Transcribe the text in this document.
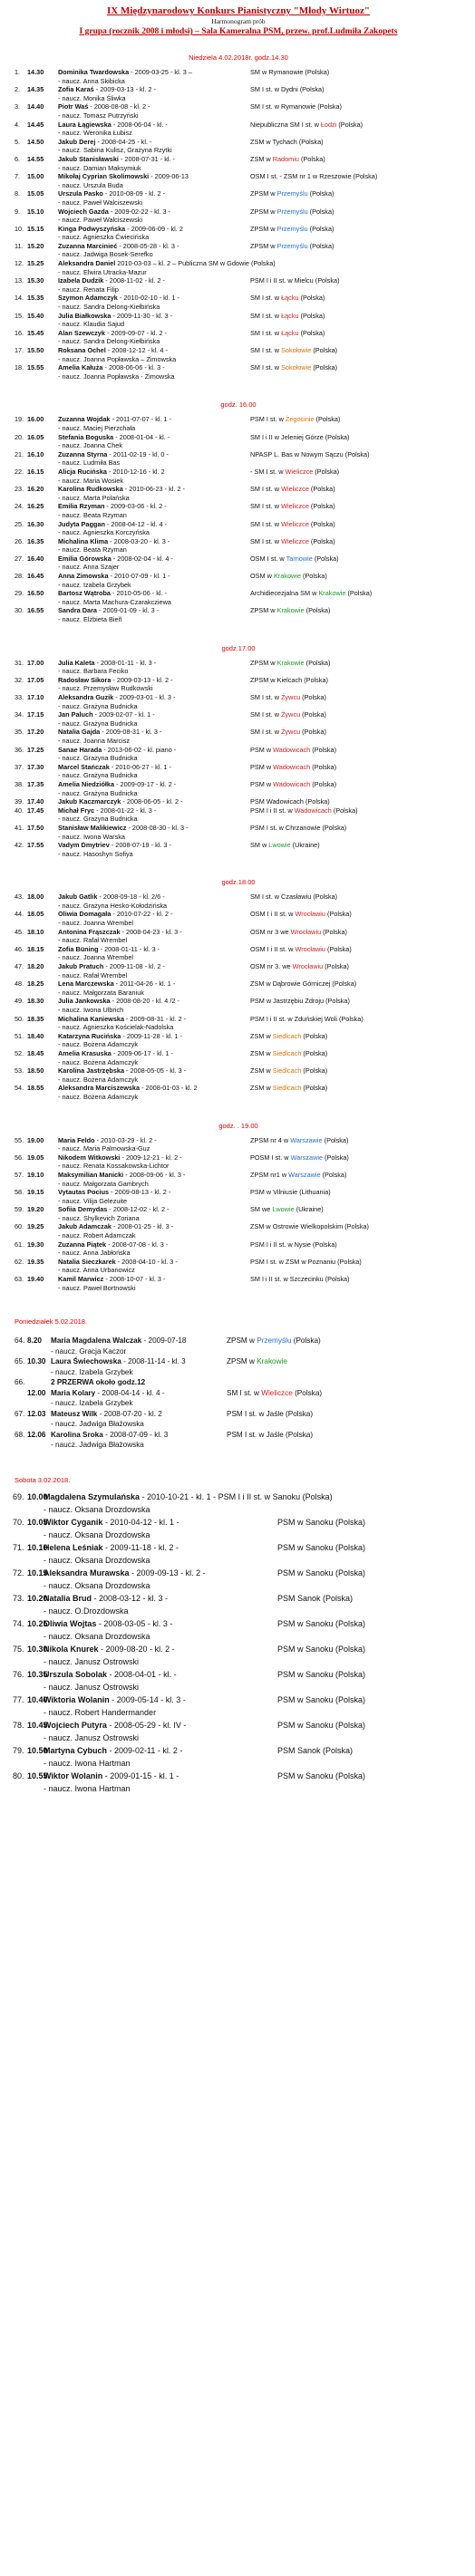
IX Międzynarodowy Konkurs Pianistyczny "Młody Wirtuoz"
Harmonogram prób
I grupa (rocznik 2008 i młodsi) – Sala Kameralna PSM, przew. prof.Ludmiła Zakopets
Niedziela 4.02.2018r. godz.14.30
1. 14.30 Dominika Twardowska - 2009-03-25 - kl. 3 –	SM w Rymanowie (Polska)
- naucz. Anna Skibicka
2. 14.35 Zofia Karaś - 2009-03-13 - kl. 2 -	SM I st. w Dydni (Polska)
- naucz. Monika Śliwka
3. 14.40 Piotr Waś - 2008-08-08 - kl. 2 -	SM I st. w Rymanowie (Polska)
- naucz. Tomasz Putrzyński
4. 14.45 Laura Łągiewska - 2008-06-04 - kl. -	Niepubliczna SM I st. w Łodzi (Polska)
- naucz. Weronika Łubisz
5. 14.50 Jakub Derej - 2008-04-25 - kl. -	ZSM w Tychach (Polska)
- naucz. Sabina Kulisz, Grażyna Rzytki
6. 14.55 Jakub Stanisławski - 2008-07-31 - kl. -	ZSM w Radomiu (Polska)
- naucz. Damian Maksymiuk
7. 15.00 Mikołaj Cyprian Skolimowski - 2009-06-13	OSM I st. - ZSM nr 1 w Rzeszowie (Polska)
- naucz. Urszula Buda
8. 15.05 Urszula Pasko - 2010-08-09 - kl. 2 -	ZPSM w Przemyślu (Polska)
- naucz. Paweł Walciszewski
9. 15.10 Wojciech Gazda - 2009-02-22 - kl. 3 -	ZPSM w Przemyślu (Polska)
- naucz. Paweł Walciszewski
10. 15.15 Kinga Podwyszyńska - 2009-06-09 - kl. 2	ZPSM w Przemyślu (Polska)
- naucz. Agnieszka Ćwiecińska
11. 15.20 Zuzanna Marcinieć - 2008-05-28 - kl. 3 -	ZPSM w Przemyślu (Polska)
- naucz. Jadwiga Bosek-Serefko
12. 15.25 Aleksandra Daniel 2010-03-03 – kl. 2 – Publiczna SM w Gdowie (Polska)
- naucz. Elwira Utracka-Mazur
13. 15.30 Izabela Dudzik - 2008-11-02 - kl. 2 -	PSM I i II st. w Mielcu (Polska)
- naucz. Renata Filip
14. 15.35 Szymon Adamczyk - 2010-02-10 - kl. 1 -	SM I st. w Łącku (Polska)
- naucz. Sandra Delong-Kiełbińska
15. 15.40 Julia Białkowska - 2009-11-30 - kl. 3 -	SM I st. w Łącku (Polska)
- naucz. Klaudia Sajud
16. 15.45 Alan Szewczyk - 2009-09-07 - kl. 2 -	SM I st. w Łącku (Polska)
- naucz. Sandra Delong-Kiełbińska
17. 15.50 Roksana Ochel - 2008-12-12 - kl. 4 -	SM I st. w Sokołowie (Polska)
- naucz. Joanna Popławska – Zimowska
18. 15.55 Amelia Kałuża - 2008-06-06 - kl. 3 -	SM I st. w Sokołowie (Polska)
- naucz. Joanna Popławska - Zimowska
godz. 16.00
19. 16.00 Zuzanna Wojdak - 2011-07-07 - kl. 1 -	PSM I st. w Żegocinie (Polska)
- naucz. Maciej Pierzchała
20. 16.05 Stefania Boguska - 2008-01-04 - kl. -	SM I i II w Jeleniej Górze (Polska)
- naucz. Joanna Chek
21. 16.10 Zuzanna Styrna - 2011-02-19 - kl. 0 -	NPASP L. Bas w Nowym Sączu (Polska)
- naucz. Ludmiła Bas
22. 16.15 Alicja Rucińska - 2010-12-16 - kl. 2	- SM I st. w Wieliczce (Polska)
- naucz. Maria Wosiek
23. 16.20 Karolina Rudkowska - 2010-06-23 - kl. 2 -	SM I st. w Wieliczce (Polska)
- naucz. Marta Polańska
24. 16.25 Emilia Rzyman - 2009-03-06 - kl. 2 -	SM I st. w Wieliczce (Polska)
- naucz. Beata Rzyman
25. 16.30 Judyta Paggan - 2008-04-12 - kl. 4 -	SM I st. w Wieliczce (Polska)
- naucz. Agnieszka Korczyńska
26. 16.35 Michalina Klima - 2008-03-20 - kl. 3 -	SM I st. w Wieliczce (Polska)
- naucz. Beata Rzyman
27. 16.40 Emilia Górowska - 2008-02-04 - kl. 4 -	OSM I st. w Tarnowie (Polska)
- naucz. Anna Szajer
28. 16.45 Anna Zimowska - 2010-07-09 - kl. 1 -	OSM w Krakowie (Polska)
- naucz. Izabela Grzybek
29. 16.50 Bartosz Wątroba - 2010-05-06 - kl. -	Archidiecezjalna SM w Krakowie (Polska)
- naucz. Marta Machura-Czarakcziewa
30. 16.55 Sandra Dara - 2009-01-09 - kl. 3 -	ZPSM w Krakowie (Polska)
- naucz. Elżbieta Bieñ
godz.17.00
31. 17.00 Julia Kaleta - 2008-01-11 - kl. 3 -	ZPSM w Krakowie (Polska)
- naucz. Barbara Feciko
32. 17.05 Radosław Sikora - 2009-03-13 - kl. 2 -	ZPSM w Kielcach (Polska)
- naucz. Przemysław Rudkowski
33. 17.10 Aleksandra Guzik - 2009-03-01 - kl. 3 -	SM I st. w Żywcu (Polska)
- naucz. Grażyna Budnicka
34. 17.15 Jan Paluch - 2009-02-07 - kl. 1 -	SM I st. w Żywcu (Polska)
- naucz. Grażyna Budnicka
35. 17.20 Natalia Gajda - 2009-08-31 - kl. 3 -	SM I st. w Żywcu (Polska)
- naucz. Joanna Marcisz
36. 17.25 Sanae Harada - 2013-06-02 - kl. piano -	PSM w Wadowicach (Polska)
- naucz. Grażyna Budnicka
37. 17.30 Marcel Stańczak - 2010-06-27 - kl. 1 -	PSM w Wadowicach (Polska)
- naucz. Grażyna Budnicka
38. 17.35 Amelia Niedziółka - 2009-09-17 - kl. 2 -	PSM w Wadowicach (Polska)
- naucz. Grażyna Budnicka
39. 17.40 Jakub Kaczmarczyk - 2008-06-05 - kl. 2 -	PSM Wadowicach (Polska)
40. 17.45 Michał Fryc - 2008-01-22 - kl. 3 -	PSM I i II st. w Wadowicach (Polska)
- naucz. Grażyna Budnicka
41. 17.50 Stanisław Malikiewicz - 2008-08-30 - kl. 3 -	PSM I st. w Chrzanowie (Polska)
- naucz. Iwona Warska
42. 17.55 Vadym Dmytriev - 2008-07-19 - kl. 3 -	SM w Lwowie (Ukraine)
- naucz. Hasoshyn Sofiya
godz.18.00
43. 18.00 Jakub Gatlik - 2008-09-18 - kl. 2/6 -	SM I st. w Czasławiu (Polska)
- naucz. Grażyna Hesko-Kołodzińska
44. 18.05 Oliwia Domagała - 2010-07-22 - kl. 2 -	OSM I i II st. w Wrocławiu (Polska)
- naucz. Joanna Wrembel
45. 18.10 Antonina Frąszczak - 2008-04-23 - kl. 3 -	OSM nr 3 we Wrocławiu (Polska)
- naucz. Rafał Wrembel
46. 18.15 Zofia Büning - 2008-01-11 - kl. 3 -	OSM I i II st. w Wrocławiu (Polska)
- naucz. Joanna Wrembel
47. 18.20 Jakub Pratuch - 2009-11-08 - kl. 2 -	OSM nr 3. we Wrocławiu (Polska)
- naucz. Rafał Wrembel
48. 18.25 Lena Marczewska - 2011-04-26 - kl. 1 -	ZSM w Dąbrowie Górniczej (Polska)
- naucz. Małgorzata Baraniuk
49. 18.30 Julia Jankowska - 2008-08-20 - kl. 4 /2 -	PSM w Jastrzębiu Zdroju (Polska)
- naucz. Iwona Ulbrich
50. 18.35 Michalina Kaniewska - 2009-08-31 - kl. 2 -	PSM I i II st. w Zduńskiej Woli (Polska)
- naucz. Agnieszka Kościelak-Nadolska
51. 18.40 Katarzyna Rucińska - 2009-11-28 - kl. 1 -	ZSM w Siedlcach (Polska)
- naucz. Bożena Adamczyk
52. 18.45 Amelia Krasuska - 2009-06-17 - kl. 1 -	ZSM w Siedlcach (Polska)
- naucz. Bożena Adamczyk
53. 18.50 Karolina Jastrzębska - 2008-05-05 - kl. 3 -	ZSM w Siedlcach (Polska)
- naucz. Bożena Adamczyk
54. 18.55 Aleksandra Marciszewska - 2008-01-03 - kl. 2	ZSM w Siedlcach (Polska)
- naucz. Bożena Adamczyk
godz. . 19.00
55. 19.00 Maria Feldo - 2010-03-29 - kl. 2 -	ZPSM nr 4 w Warszawie (Polska)
- naucz. Maria Palmowska-Guz
56. 19.05 Nikodem Witkowski - 2009-12-21 - kl. 2 -	POSM I st. w Warszawie (Polska)
- naucz. Renata Kossakowska-Lichtor
57. 19.10 Maksymilian Manicki - 2008-09-06 - kl. 3 -	ZPSM nr1 w Warszawie (Polska)
- naucz. Małgorzata Gambrych
58. 19.15 Vytautas Pocius - 2009-08-13 - kl. 2 -	PSM w Vilniusie (Lithuania)
- naucz. Vilija Gelezuite
59. 19.20 Sofiia Demydas - 2008-12-02 - kl. 2 -	SM we Lwowie (Ukraine)
- naucz. Shylkevich Zoriana
60. 19.25 Jakub Adamczak - 2008-01-25 - kl. 3 -	ZSM w Ostrowie Wielkopolskim (Polska)
- naucz. Robert Adamczak
61. 19.30 Zuzanna Piątek - 2008-07-08 - kl. 3 -	PSM I i II st. w Nysie (Polska)
- naucz. Anna Jabłońska
62. 19.35 Natalia Sieczkarek - 2008-04-10 - kl. 3 -	PSM I st. w ZSM w Poznaniu (Polska)
- naucz. Anna Urbanowicz
63. 19.40 Kamil Marwicz - 2008-10-07 - kl. 3 -	SM I i II st. w Szczecinku (Polska)
- naucz. Paweł Bortnowski
Poniedziałek 5.02.2018.
64. 8.20 Maria Magdalena Walczak - 2009-07-18	ZPSM w Przemyślu (Polska)
- naucz. Gracja Kaczor
65. 10.30 Laura Świechowska - 2008-11-14 - kl. 3	ZPSM w Krakowie
- naucz. Izabela Grzybek
66.	2 PRZERWA około godz.12
12.00 Maria Kolary - 2008-04-14 - kl. 4 -	SM I st. w Wieliczce (Polska)
- naucz. Izabela Grzybek
67. 12.03 Mateusz Wilk - 2008-07-20 - kl. 2	PSM I st. w Jaśle (Polska)
- naucz. Jadwiga Błażowska
68. 12.06 Karolina Sroka - 2008-07-09 - kl. 3	PSM I st. w Jaśle (Polska)
- naucz. Jadwiga Błażowska
Sobota 3.02.2018.
69. 10.00
Magdalena Szymulańska - 2010-10-21 - kl. 1 - PSM I i II st. w Sanoku (Polska)
- naucz. Oksana Drozdowska
70. 10.05
Wiktor Cyganik - 2010-04-12 - kl. 1 -	PSM w Sanoku (Polska)
- naucz. Oksana Drozdowska
71. 10.10
Helena Leśniak - 2009-11-18 - kl. 2 -	PSM w Sanoku (Polska)
- naucz. Oksana Drozdowska
72. 10.15
Aleksandra Murawska - 2009-09-13 - kl. 2 -	PSM w Sanoku (Polska)
- naucz. Oksana Drozdowska
73. 10.20
Natalia Brud - 2008-03-12 - kl. 3 -	PSM Sanok (Polska)
- naucz. O.Drozdowska
74. 10.25
Oliwia Wojtas - 2008-03-05 - kl. 3 -	PSM w Sanoku (Polska)
- naucz. Oksana Drozdowska
75. 10.30
Nikola Knurek - 2009-08-20 - kl. 2 -	PSM w Sanoku (Polska)
- naucz. Janusz Ostrowski
76. 10.35
Urszula Sobolak - 2008-04-01 - kl. -	PSM w Sanoku (Polska)
- naucz. Janusz Ostrowski
77. 10.40
Wiktoria Wolanin - 2009-05-14 - kl. 3 -	PSM w Sanoku (Polska)
- naucz. Robert Handermander
78. 10.45
Wojciech Putyra - 2008-05-29 - kl. IV -	PSM w Sanoku (Polska)
- naucz. Janusz Ostrowski
79. 10.50
Martyna Cybuch - 2009-02-11 - kl. 2 -	PSM Sanok (Polska)
- naucz. Iwona Hartman
80. 10.55
Wiktor Wolanin - 2009-01-15 - kl. 1 -	PSM w Sanoku (Polska)
- naucz. Iwona Hartman
